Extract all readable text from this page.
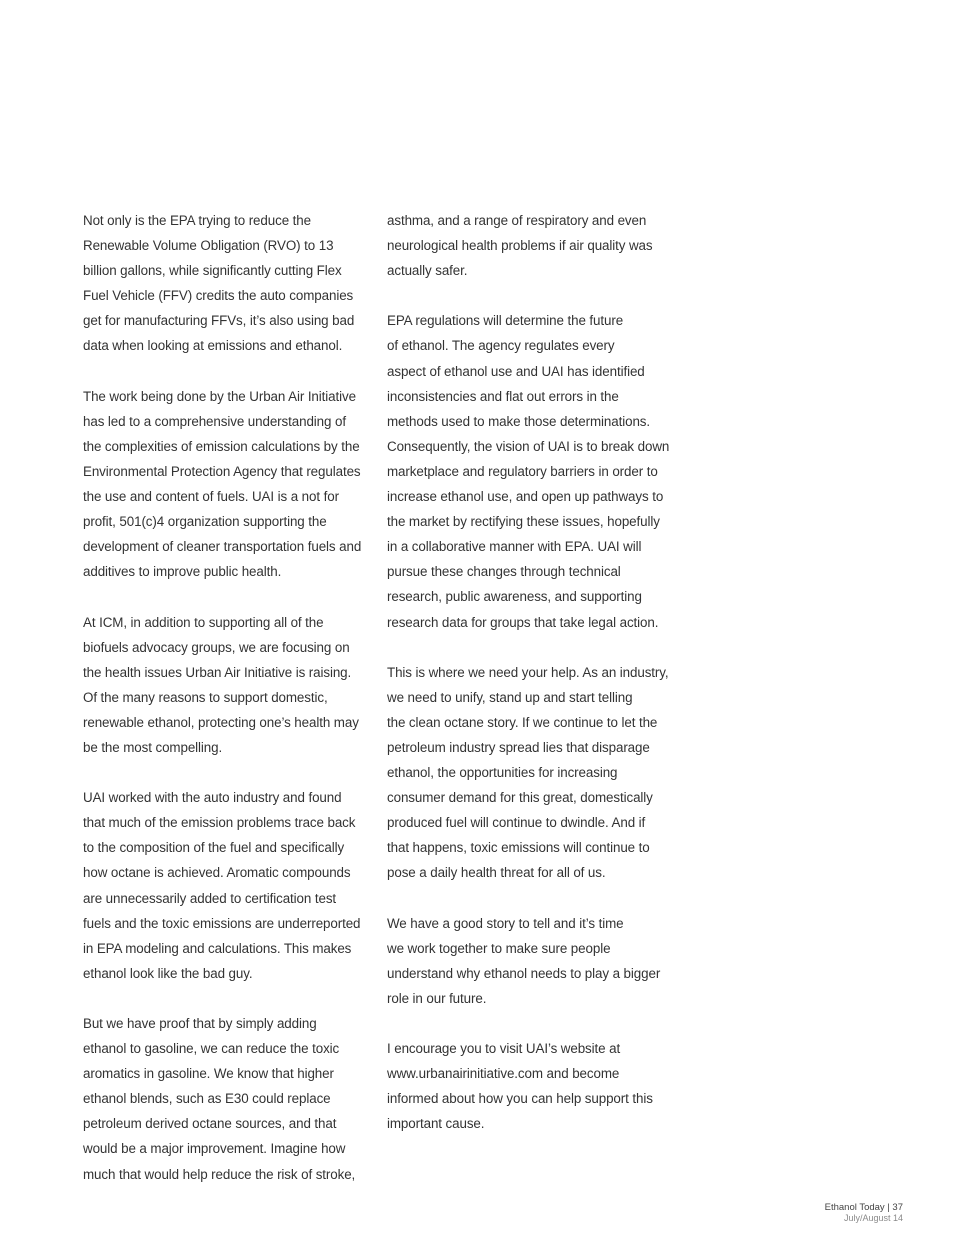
Not only is the EPA trying to reduce the
Renewable Volume Obligation (RVO) to 13
billion gallons, while significantly cutting Flex
Fuel Vehicle (FFV) credits the auto companies
get for manufacturing FFVs, it’s also using bad
data when looking at emissions and ethanol.

The work being done by the Urban Air Initiative
has led to a comprehensive understanding of
the complexities of emission calculations by the
Environmental Protection Agency that regulates
the use and content of fuels. UAI is a not for
profit, 501(c)4 organization supporting the
development of cleaner transportation fuels and
additives to improve public health.

At ICM, in addition to supporting all of the
biofuels advocacy groups, we are focusing on
the health issues Urban Air Initiative is raising.
Of the many reasons to support domestic,
renewable ethanol, protecting one’s health may
be the most compelling.

UAI worked with the auto industry and found
that much of the emission problems trace back
to the composition of the fuel and specifically
how octane is achieved. Aromatic compounds
are unnecessarily added to certification test
fuels and the toxic emissions are underreported
in EPA modeling and calculations. This makes
ethanol look like the bad guy.

But we have proof that by simply adding
ethanol to gasoline, we can reduce the toxic
aromatics in gasoline. We know that higher
ethanol blends, such as E30 could replace
petroleum derived octane sources, and that
would be a major improvement. Imagine how
much that would help reduce the risk of stroke,

asthma, and a range of respiratory and even
neurological health problems if air quality was
actually safer.

EPA regulations will determine the future
of ethanol. The agency regulates every
aspect of ethanol use and UAI has identified
inconsistencies and flat out errors in the
methods used to make those determinations.
Consequently, the vision of UAI is to break down
marketplace and regulatory barriers in order to
increase ethanol use, and open up pathways to
the market by rectifying these issues, hopefully
in a collaborative manner with EPA. UAI will
pursue these changes through technical
research, public awareness, and supporting
research data for groups that take legal action.

This is where we need your help. As an industry,
we need to unify, stand up and start telling
the clean octane story. If we continue to let the
petroleum industry spread lies that disparage
ethanol, the opportunities for increasing
consumer demand for this great, domestically
produced fuel will continue to dwindle. And if
that happens, toxic emissions will continue to
pose a daily health threat for all of us.

We have a good story to tell and it’s time
we work together to make sure people
understand why ethanol needs to play a bigger
role in our future.

I encourage you to visit UAI’s website at
www.urbanairinitiative.com and become
informed about how you can help support this
important cause.

Ethanol Today | 37
July/August 14
